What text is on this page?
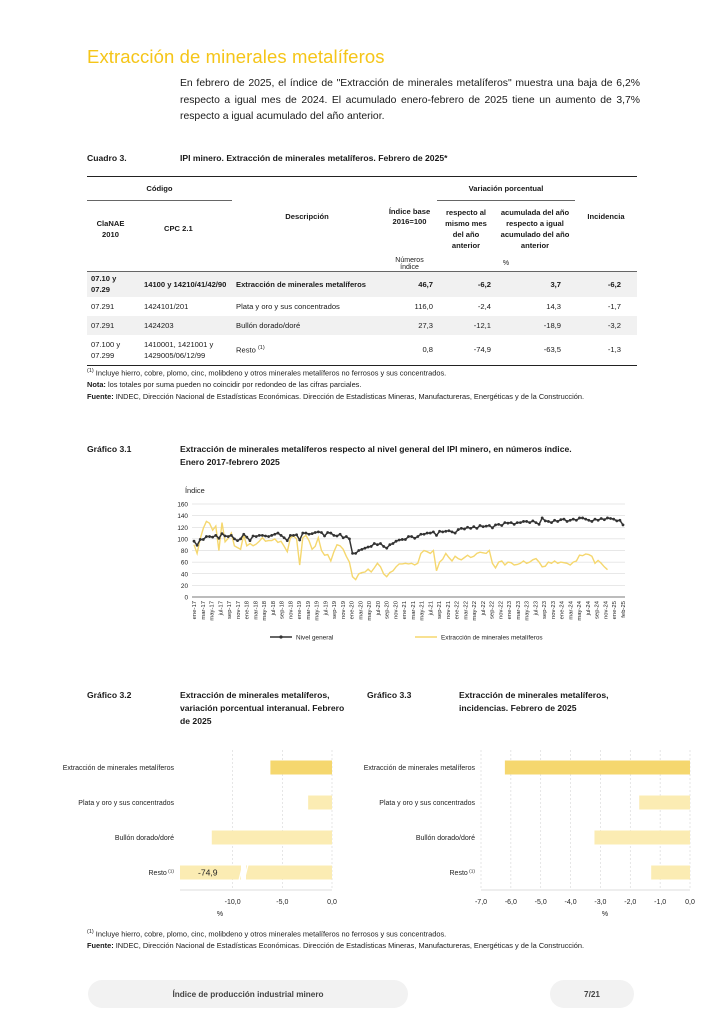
Extracción de minerales metalíferos

En febrero de 2025, el índice de "Extracción de minerales metalíferos" muestra una baja de 6,2% respecto a igual mes de 2024. El acumulado enero-febrero de 2025 tiene un aumento de 3,7% respecto a igual acumulado del año anterior.

Cuadro 3.	IPI minero. Extracción de minerales metalíferos. Febrero de 2025*
Código		Descripción	Índice base 2016=100	Variación porcentual		Incidencia
ClaNAE 2010	CPC 2.1			respecto al mismo mes del año anterior	acumulada del año respecto a igual acumulado del año anterior	
			Números índice	%		
07.10 y 07.29	14100 y 14210/41/42/90	Extracción de minerales metalíferos	46,7	-6,2	3,7	-6,2
07.291	1424101/201	Plata y oro y sus concentrados	116,0	-2,4	14,3	-1,7
07.291	1424203	Bullón dorado/doré	27,3	-12,1	-18,9	-3,2
07.100 y 07.299	1410001, 1421001 y 1429005/06/12/99	Resto $^{(1)}$	0,8	-74,9	-63,5	-1,3
$^{(1)}$ Incluye hierro, cobre, plomo, cinc, molibdeno y otros minerales metalíferos no ferrosos y sus concentrados.
Nota: los totales por suma pueden no coincidir por redondeo de las cifras parciales.
Fuente: INDEC, Dirección Nacional de Estadísticas Económicas. Dirección de Estadísticas Mineras, Manufactureras, Energéticas y de la Construcción.
Gráfico 3.1	Extracción de minerales metalíferos respecto al nivel general del IPI minero, en números índice.
Enero 2017-febrero 2025
Índice
0
20
40
60
80
100
120
140
160
ene-17 mar-17 may-17 jul-17 sep-17 nov-17 ene-18 mar-18 may-18 jul-18 sep-18 nov-18 ene-19 mar-19 may-19 jul-19 sep-19 nov-19 ene-20 mar-20 may-20 jul-20 sep-20 nov-20 ene-21 mar-21 may-21 jul-21 sep-21 nov-21 ene-22 mar-22 may-22 jul-22 sep-22 nov-22 ene-23 mar-23 may-23 jul-23 sep-23 nov-23 ene-24 mar-24 may-24 jul-24 sep-24 nov-24 ene-25 feb-25
Nivel general	Extracción de minerales metalíferos
Gráfico 3.2	Extracción de minerales metalíferos, variación porcentual interanual. Febrero de 2025
-10,0	-5,0	0,0
%
Extracción de minerales metalíferos
Plata y oro y sus concentrados
Bullón dorado/doré
Resto $^{(1)}$	-74,9
Gráfico 3.3	Extracción de minerales metalíferos, incidencias. Febrero de 2025
-7,0	-6,0	-5,0	-4,0	-3,0	-2,0	-1,0	0,0
%
Extracción de minerales metalíferos
Plata y oro y sus concentrados
Bullón dorado/doré
Resto $^{(1)}$
$^{(1)}$ Incluye hierro, cobre, plomo, cinc, molibdeno y otros minerales metalíferos no ferrosos y sus concentrados.
Fuente: INDEC, Dirección Nacional de Estadísticas Económicas. Dirección de Estadísticas Mineras, Manufactureras, Energéticas y de la Construcción.
Índice de producción industrial minero	7/21
